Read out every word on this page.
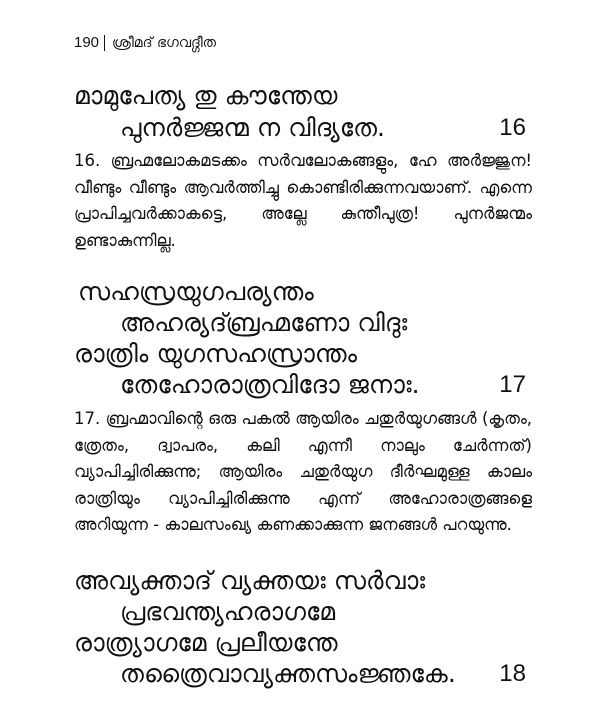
190 ശ്രീമദ് ഭഗവദ്ഗീത
മാമുപേത്യ തു കൗന്തേയ
പുനർജ്ജന്മ ന വിദ്യതേ.	16
16. ബ്രഹ്മലോകമടക്കം സർവലോകങ്ങളും, ഹേ അർജ്ജുന! വീണ്ടും വീണ്ടും ആവർത്തിച്ചു കൊണ്ടിരിക്കുന്നവയാണ്. എന്നെ പ്രാപിച്ചവർക്കാകട്ടെ, അല്ലേ കുന്തീപുത്ര! പുനർജന്മം ഉണ്ടാകുന്നില്ല.
സഹസ്രയുഗപര്യന്തം
അഹര്യദ്ബ്രഹ്മണോ വിദുഃ
രാത്രിം യുഗസഹസ്രാന്തം
തേഹോരാത്രവിദോ ജനാഃ.	17
17. ബ്രഹ്മാവിന്റെ ഒരു പകൽ ആയിരം ചതുർയുഗങ്ങൾ (കൃതം, ത്രേതം, ദ്വാപരം, കലി എന്നീ നാലും ചേർന്നത്) വ്യാപിച്ചിരിക്കുന്നു; ആയിരം ചതുർയുഗ ദീർഘമുള്ള കാലം രാത്രിയും വ്യാപിച്ചിരിക്കുന്നു എന്ന് അഹോരാത്രങ്ങളെ അറിയുന്ന - കാലസംഖ്യ കണക്കാക്കുന്ന ജനങ്ങൾ പറയുന്നു.
അവ്യക്താദ് വ്യക്തയഃ സർവാഃ
പ്രഭവന്ത്യഹരാഗമേ
രാത്ര്യാഗമേ പ്രലീയന്തേ
തത്രൈവാവ്യക്തസംജ്ഞകേ. 18
